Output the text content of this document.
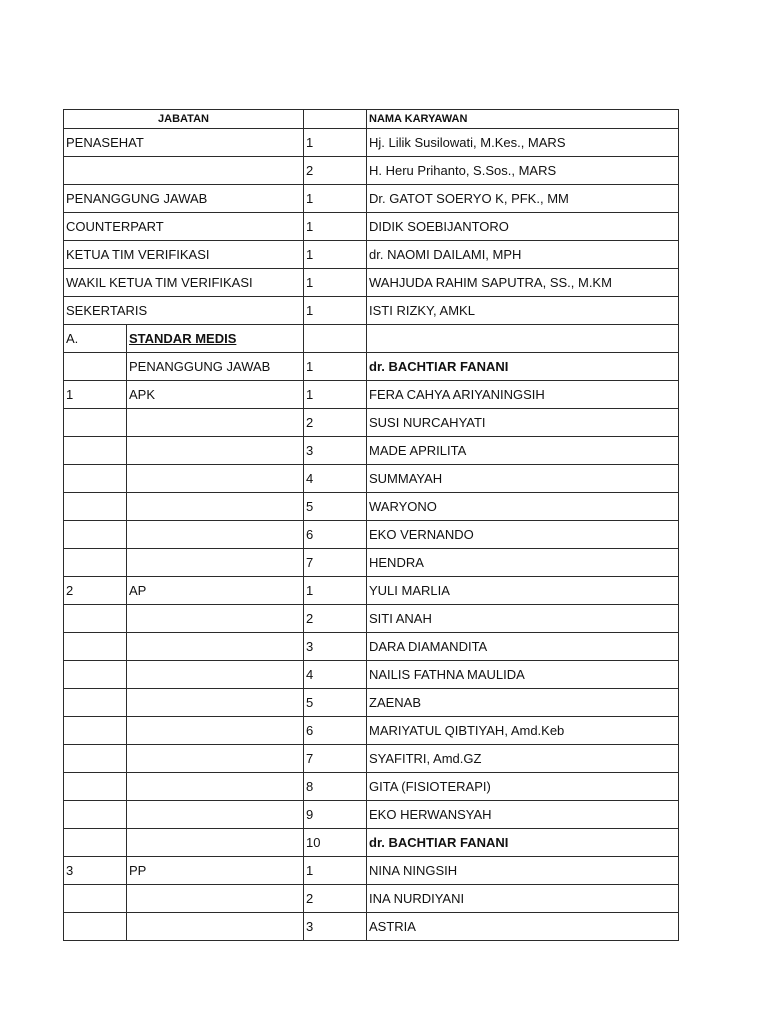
JABATAN			NAMA KARYAWAN
PENASEHAT		1	Hj. Lilik Susilowati, M.Kes., MARS
		2	H. Heru Prihanto, S.Sos., MARS
PENANGGUNG JAWAB		1	Dr. GATOT SOERYO K, PFK., MM
COUNTERPART		1	DIDIK SOEBIJANTORO
KETUA TIM VERIFIKASI		1	dr. NAOMI DAILAMI, MPH
WAKIL KETUA TIM VERIFIKASI		1	WAHJUDA RAHIM SAPUTRA, SS., M.KM
SEKERTARIS		1	ISTI RIZKY, AMKL
A.	STANDAR MEDIS		
	PENANGGUNG JAWAB	1	dr. BACHTIAR FANANI
1	APK	1	FERA CAHYA ARIYANINGSIH
		2	SUSI NURCAHYATI
		3	MADE APRILITA
		4	SUMMAYAH
		5	WARYONO
		6	EKO VERNANDO
		7	HENDRA
2	AP	1	YULI MARLIA
		2	SITI ANAH
		3	DARA DIAMANDITA
		4	NAILIS FATHNA MAULIDA
		5	ZAENAB
		6	MARIYATUL QIBTIYAH, Amd.Keb
		7	SYAFITRI, Amd.GZ
		8	GITA (FISIOTERAPI)
		9	EKO HERWANSYAH
		10	dr. BACHTIAR FANANI
3	PP	1	NINA NINGSIH
		2	INA NURDIYANI
		3	ASTRIA
